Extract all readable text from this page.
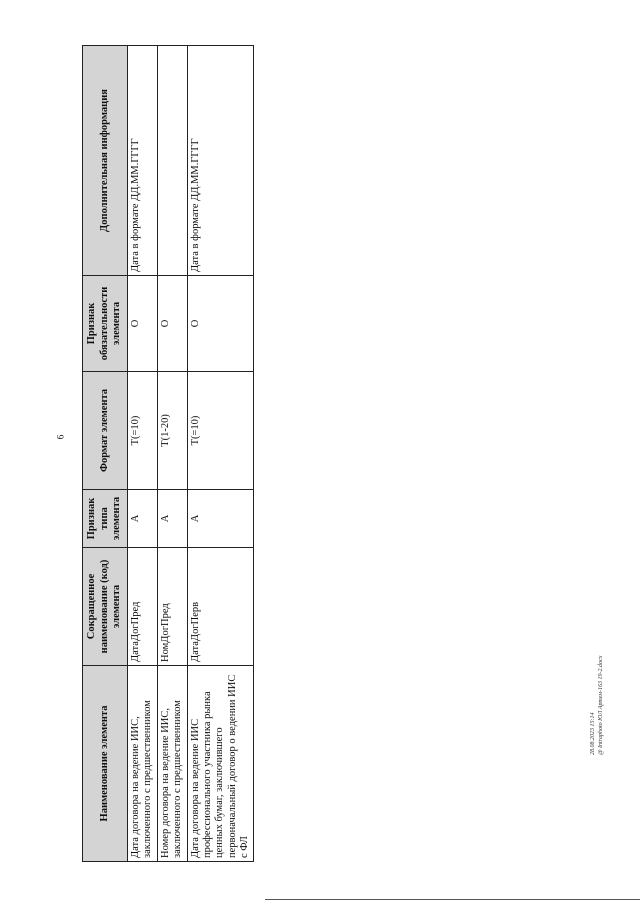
6
Наименование элемента	Сокращенное наименование (код) элемента	Признак типа элемента	Формат элемента	Признак обязательности элемента	Дополнительная информация
Дата договора на ведение ИИС, заключенного с предшественником	ДатаДогПред	А	T(=10)	О	Дата в формате ДД.ММ.ГГГГ
Номер договора на ведение ИИС, заключенного с предшественником	НомДогПред	А	T(1-20)	О	
Дата договора на ведение ИИС профессионального участника рынка ценных бумаг, заключившего первоначальный договор о ведении ИИС с ФЛ	ДатаДогПерв	А	T(=10)	О	Дата в формате ДД.ММ.ГГГГ
28.08.2023 15:14 @ Intraphoto ЮЛ Артем-163 19-2.docx
